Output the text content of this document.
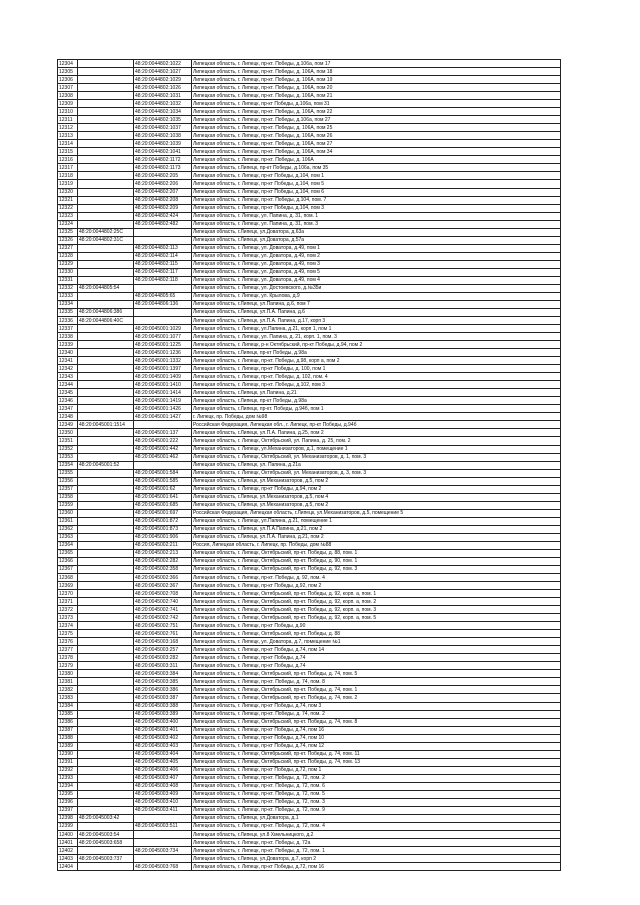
12304		48:20:0044802:1022	Липецкая область, г. Липецк, пр-кт. Победы, д.106а, пом 17
12305		48:20:0044802:1027	Липецкая область, г. Липецк, пр-кт. Победы, д. 106А, пом 18
12306		48:20:0044802:1029	Липецкая область, г. Липецк, пр-кт. Победы, д. 106А, пом 19
12307		48:20:0044802:1026	Липецкая область, г. Липецк, пр-кт. Победы, д. 106А, пом 20
12308		48:20:0044802:1031	Липецкая область, г. Липецк, пр-кт. Победы, д. 106А, пом 21
12309		48:20:0044802:1032	Липецкая область, г. Липецк, пр-кт Победы, д.106а, пом 31
12310		48:20:0044802:1034	Липецкая область, г. Липецк, пр-кт. Победы, д. 106А, пом 22
12311		48:20:0044802:1035	Липецкая область, г. Липецк, пр-кт. Победы, д.106а, пом 27
12312		48:20:0044802:1037	Липецкая область, г. Липецк, пр-кт. Победы, д. 106А, пом 25
12313		48:20:0044802:1038	Липецкая область, г. Липецк, пр-кт. Победы, д. 106А, пом 26
12314		48:20:0044802:1039	Липецкая область, г. Липецк, пр-кт. Победы, д. 106А, пом 27
12315		48:20:0044802:1041	Липецкая область, г. Липецк, пр-кт. Победы, д. 106А, пом 34
12316		48:20:0044802:1172	Липецкая область, г. Липецк, пр-кт. Победы, д. 106А
12317		48:20:0044802:1173	Липецкая область, г.Липецк, пр-кт Победы, д.106а, пом 35
12318		48:20:0044802:205	Липецкая область, г. Липецк, пр-кт Победы, д.104, пом 1
12319		48:20:0044802:206	Липецкая область, г. Липецк, пр-кт Победы, д.104, пом 5
12320		48:20:0044802:207	Липецкая область, г. Липецк, пр-кт Победы, д.104, пом 6
12321		48:20:0044802:208	Липецкая область, г. Липецк, пр-кт. Победы, д.104, пом. 7
12322		48:20:0044802:209	Липецкая область, г. Липецк, пр-кт Победы, д.104, пом 3
12323		48:20:0044802:424	Липецкая область, г. Липецк, ул. Папина, д. 31, пом. 1
12324		48:20:0044802:482	Липецкая область, г. Липецк, ул. Папина, д. 31, пом. 3
12325	48:20:0044802:25С		Липецкая область, г.Липецк, ул.Доватора, д.63а
12326	48:20:0044802:31С		Липецкая область, г.Липецк, ул.Доватора, д.57а
12327		48:20:0044802:113	Липецкая область, г. Липецк, ул. Доватора, д.49, пом 1
12328		48:20:0044802:114	Липецкая область, г. Липецк, ул. Доватора, д.49, пом 2
12329		48:20:0044802:115	Липецкая область, г. Липецк, ул. Доватора, д.49, пом 3
12330		48:20:0044802:117	Липецкая область, г. Липецк, ул. Доватора, д.49, пом 5
12331		48:20:0044802:118	Липецкая область, г. Липецк, ул. Доватора, д.49, пом 4
12332	48:20:0044805:54		Липецкая область, г. Липецк, ул. Достоевского, д.№35и
12333		48:20:0044805:65	Липецкая область, г. Липецк, ул. Крылова, д.9
12334		48:20:0044806:136	Липецкая область, г.Липецк, ул.Папина, д.6, пом 7
12335	48:20:0044806:386		Липецкая область, г.Липецк, ул.П.А. Папина, д.6
12336	48:20:0044806:40С		Липецкая область, г.Липецк, ул.П.А. Папина, д.17, корп 3
12337		48:20:0045001:1029	Липецкая область, г. Липецк, ул.Папина, д.21, корп 1, пом 1
12338		48:20:0045001:1077	Липецкая область, г. Липецк, ул. Папина, д. 21, корп. 1, пом. 3
12339		48:20:0045001:1225	Липецкая область, г. Липецк, р-н Октябрьский, пр-кт Победы, д.94, пом 2
12340		48:20:0045001:1236	Липецкая область, г.Липецк, пр-кт Победы, д.98а
12341		48:20:0045001:1332	Липецкая область, г. Липецк, пр-кт. Победы, д.98, корп а, пом 2
12342		48:20:0045001:1397	Липецкая область, г. Липецк, пр-кт Победы, д. 100, пом 1
12343		48:20:0045001:1409	Липецкая область, г. Липецк, пр-кт. Победы, д. 102, пом. 4
12344		48:20:0045001:1410	Липецкая область, г. Липецк, пр-кт. Победы, д.102, пом 3
12345		48:20:0045001:1414	Липецкая область, г.Липецк, ул.Папина, д.21
12346		48:20:0045001:1419	Липецкая область, г.Липецк, пр-кт Победы, д.98а
12347		48:20:0045001:1426	Липецкая область, г.Липецк, пр-кт. Победы, д.94б, пом 1
12348		48:20:0045001:1427	г. Липецк, пр. Победы, дом №98
12349	48:20:0045001:1514		Российская Федерация, Липецкая обл., г. Липецк, пр-кт Победы, д.94б
12350		48:20:0045001:137	Липецкая область, г.Липецк, ул.П.А. Папина, д.25, пом 2
12351		48:20:0045001:222	Липецкая область, г. Липецк, Октябрьский, ул. Папина, д. 25, пом. 2
12352		48:20:0045001:442	Липецкая область, г. Липецк, ул.Механизаторов, д.1, помещение 1
12353		48:20:0045001:462	Липецкая область, г. Липецк, Октябрьский, ул. Механизаторов, д. 1, пом. 3
12354	48:20:0045001:52		Липецкая область, г.Липецк, ул. Папина, д.21а
12355		48:20:0045001:584	Липецкая область, г. Липецк, Октябрьский, ул. Механизаторов, д. 3, пом. 3
12356		48:20:0045001:585	Липецкая область, г.Липецк, ул.Механизаторов, д.5, пом 2
12357		48:20:0045001:62	Липецкая область, г. Липецк, пр-кт Победы, д.94, пом 2
12358		48:20:0045001:641	Липецкая область, г.Липецк, ул.Механизаторов, д.5, пом 4
12359		48:20:0045001:685	Липецкая область, г.Липецк, ул.Механизаторов, д.5, пом 2
12360		48:20:0045001:697	Российская Федерация, Липецкая область, г.Липецк, ул.Механизаторов, д.5, помещение 5
12361		48:20:0045001:872	Липецкая область, г. Липецк, ул.Папина, д.21, помещение 1
12362		48:20:0045001:873	Липецкая область, г.Липецк, ул.П.А.Папина, д.21, пом 2
12363		48:20:0045001:906	Липецкая область, г.Липецк, ул.П.А. Папина, д.21, пом 2
12364		48:20:0045002:211	Россия, Липецкая область, г. Липецк, пр. Победы, дом №88
12365		48:20:0045002:213	Липецкая область, г. Липецк, Октябрьский, пр-кт. Победы, д. 88, пом. 1
12366		48:20:0045002:282	Липецкая область, г. Липецк, Октябрьский, пр-кт. Победы, д. 90, пом. 1
12367		48:20:0045002:358	Липецкая область, г. Липецк, Октябрьский, пр-кт. Победы, д. 92, пом. 3
12368		48:20:0045002:366	Липецкая область, г. Липецк, пр-кт. Победы, д. 92, пом. 4
12369		48:20:0045002:367	Липецкая область, г. Липецк, пр-кт Победы, д.92, пом 2
12370		48:20:0045002:708	Липецкая область, г. Липецк, Октябрьский, пр-кт. Победы, д. 92, корп. а, пом. 1
12371		48:20:0045002:740	Липецкая область, г. Липецк, Октябрьский, пр-кт. Победы, д. 92, корп. а, пом. 2
12372		48:20:0045002:741	Липецкая область, г. Липецк, Октябрьский, пр-кт. Победы, д. 92, корп. а, пом. 3
12373		48:20:0045002:742	Липецкая область, г. Липецк, Октябрьский, пр-кт. Победы, д. 92, корп. а, пом. 5
12374		48:20:0045002:751	Липецкая область, г. Липецк, пр-кт Победы, д.90
12375		48:20:0045002:761	Липецкая область, г. Липецк, Октябрьский, пр-кт. Победы, д. 88
12376		48:20:0045003:168	Липецкая область, г. Липецк, ул. Доватора, д.7, помещение №1
12377		48:20:0045003:257	Липецкая область, г. Липецк, пр-кт Победы, д.74, пом 14
12378		48:20:0045003:282	Липецкая область, г. Липецк, пр-кт Победы, д.74
12379		48:20:0045003:311	Липецкая область, г. Липецк, пр-кт Победы, д.74
12380		48:20:0045003:384	Липецкая область, г. Липецк, Октябрьский, пр-кт. Победы, д. 74, пом. 5
12381		48:20:0045003:385	Липецкая область, г. Липецк, пр-кт. Победы, д. 74, пом. 8
12382		48:20:0045003:386	Липецкая область, г. Липецк, Октябрьский, пр-кт. Победы, д. 74, пом. 1
12383		48:20:0045003:387	Липецкая область, г. Липецк, Октябрьский, пр-кт. Победы, д. 74, пом. 2
12384		48:20:0045003:388	Липецкая область, г. Липецк, пр-кт Победы, д.74, пом 3
12385		48:20:0045003:389	Липецкая область, г. Липецк, пр-кт. Победы, д. 74, пом. 2
12386		48:20:0045003:400	Липецкая область, г. Липецк, Октябрьский, пр-кт. Победы, д. 74, пом. 8
12387		48:20:0045003:401	Липецкая область, г. Липецк, пр-кт Победы, д.74, пом 16
12388		48:20:0045003:402	Липецкая область, г. Липецк, пр-кт Победы, д.74, пом 10
12389		48:20:0045003:403	Липецкая область, г. Липецк, пр-кт Победы, д.74, пом 12
12390		48:20:0045003:404	Липецкая область, г. Липецк, Октябрьский, пр-кт. Победы, д. 74, пом. 11
12391		48:20:0045003:405	Липецкая область, г. Липецк, Октябрьский, пр-кт. Победы, д. 74, пом. 13
12392		48:20:0045003:406	Липецкая область, г. Липецк, пр-кт Победы, д.72, пом 1
12393		48:20:0045003:407	Липецкая область, г. Липецк, пр-кт. Победы, д. 72, пом. 2
12394		48:20:0045003:408	Липецкая область, г. Липецк, пр-кт. Победы, д. 72, пом. 6
12395		48:20:0045003:409	Липецкая область, г. Липецк, пр-кт. Победы, д. 72, пом. 5
12396		48:20:0045003:410	Липецкая область, г. Липецк, пр-кт. Победы, д. 72, пом. 3
12397		48:20:0045003:411	Липецкая область, г. Липецк, пр-кт. Победы, д. 72, пом. 9
12398	48:20:0045003:42		Липецкая область, г.Липецк, ул.Доватора, д.1
12399		48:20:0045003:511	Липецкая область, г. Липецк, пр-кт. Победы, д. 72, пом. 4
12400	48:20:0045003:54		Липецкая область, г.Липецк, ул.8 Хмельницкого, д.2
12401	48:20:0045003:658		Липецкая область, г. Липецк, пр-кт. Победы, д. 72а
12402		48:20:0045003:734	Липецкая область, г. Липецк, пр-кт. Победы, д. 72, пом. 1
12403	48:20:0045003:737		Липецкая область, г.Липецк, ул.Доватора, д.7, корп 2
12404		48:20:0045003:768	Липецкая область, г. Липецк, пр-кт Победы, д.72, пом 16
